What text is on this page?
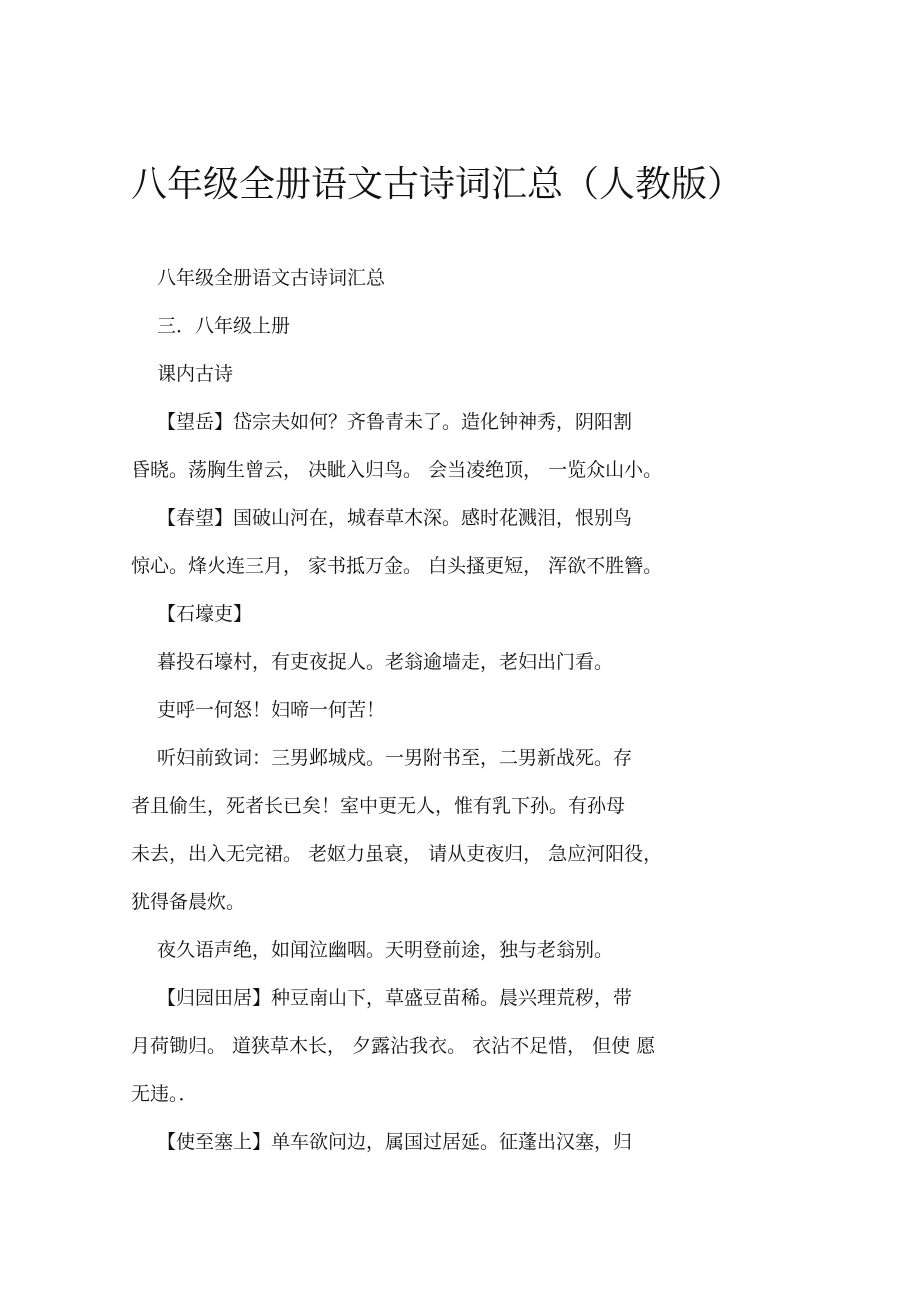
八年级全册语文古诗词汇总（人教版）
八年级全册语文古诗词汇总
三．八年级上册
课内古诗
【望岳】岱宗夫如何？齐鲁青未了。造化钟神秀，阴阳割
昏晓。荡胸生曾云， 决眦入归鸟。 会当凌绝顶， 一览众山小。
【春望】国破山河在，城春草木深。感时花溅泪，恨别鸟
惊心。烽火连三月， 家书抵万金。 白头搔更短， 浑欲不胜簪。
【石壕吏】
暮投石壕村，有吏夜捉人。老翁逾墙走，老妇出门看。
吏呼一何怒！妇啼一何苦！
听妇前致词：三男邺城戍。一男附书至，二男新战死。存
者且偷生，死者长已矣！室中更无人，惟有乳下孙。有孙母
未去，出入无完裙。 老妪力虽衰， 请从吏夜归， 急应河阳役，
犹得备晨炊。
夜久语声绝，如闻泣幽咽。天明登前途，独与老翁别。
【归园田居】种豆南山下，草盛豆苗稀。晨兴理荒秽，带
月荷锄归。 道狭草木长， 夕露沾我衣。 衣沾不足惜， 但使 愿
无违。．
【使至塞上】单车欲问边，属国过居延。征蓬出汉塞，归
